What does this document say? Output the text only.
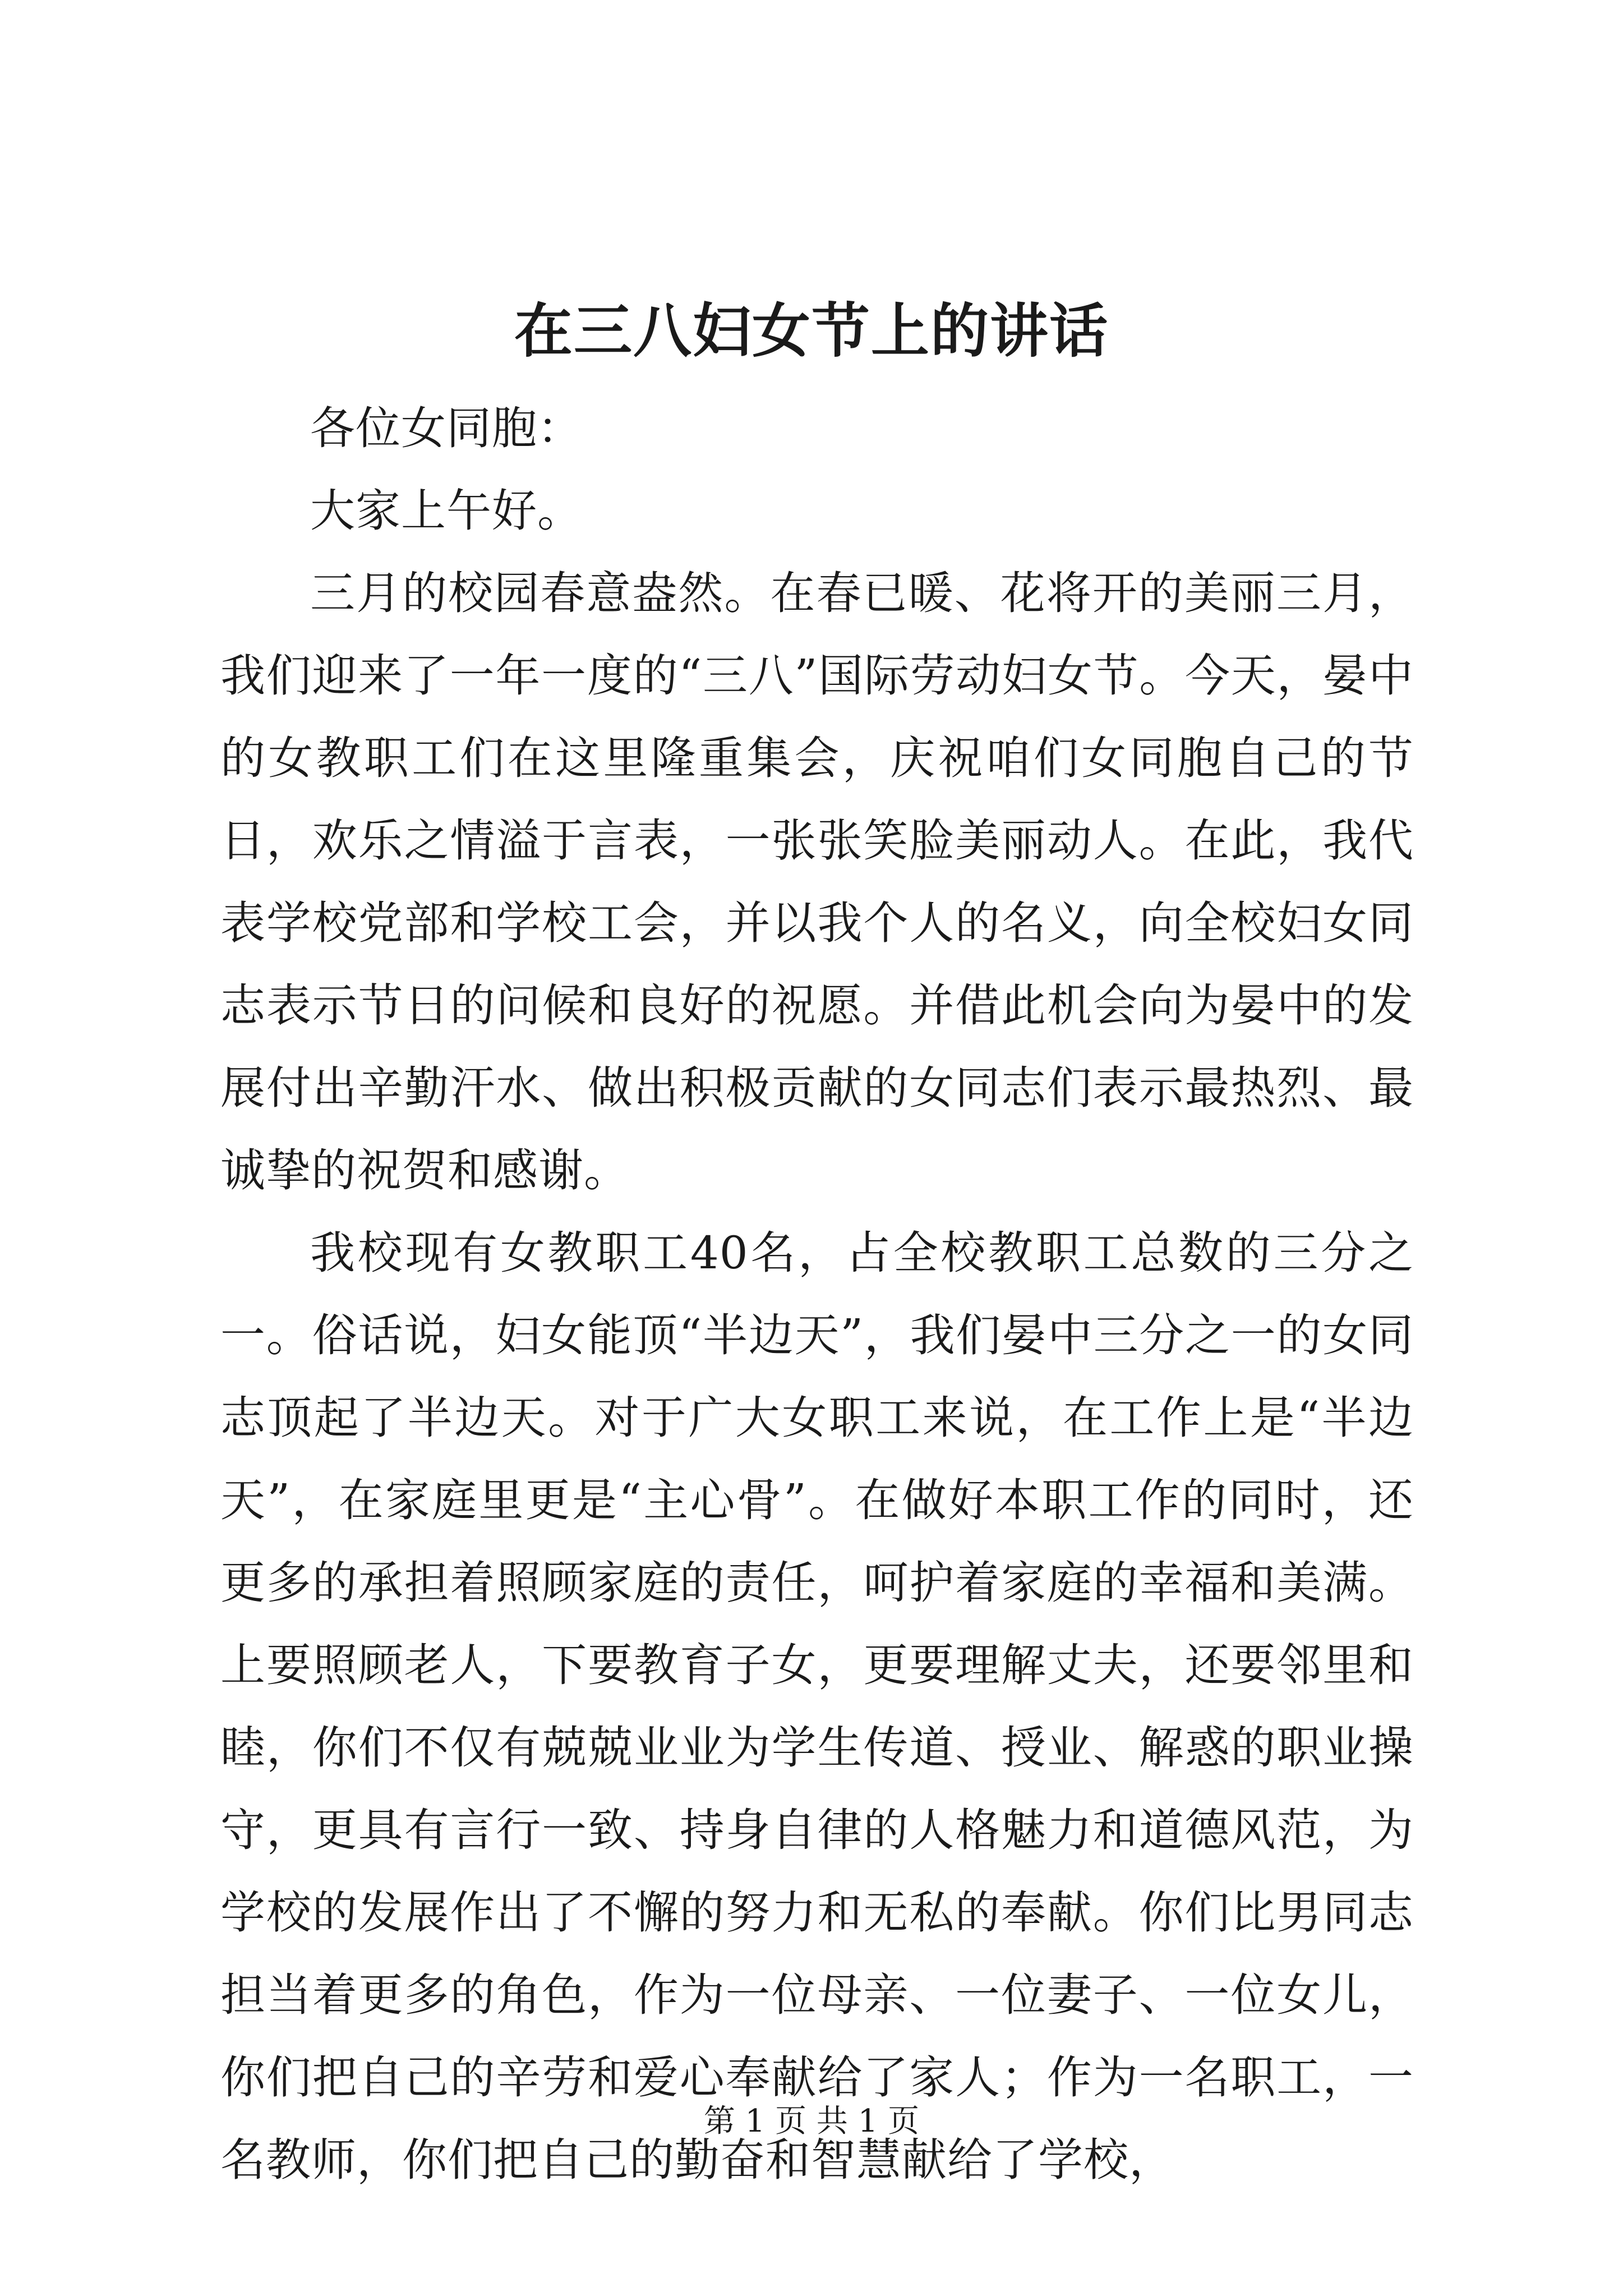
在三八妇女节上的讲话

各位女同胞：

大家上午好。

三月的校园春意盎然。在春已暖、花将开的美丽三月，我们迎来了一年一度的“三八”国际劳动妇女节。今天，晏中的女教职工们在这里隆重集会，庆祝咱们女同胞自己的节日，欢乐之情溢于言表，一张张笑脸美丽动人。在此，我代表学校党部和学校工会，并以我个人的名义，向全校妇女同志表示节日的问候和良好的祝愿。并借此机会向为晏中的发展付出辛勤汗水、做出积极贡献的女同志们表示最热烈、最诚挚的祝贺和感谢。

我校现有女教职工40名，占全校教职工总数的三分之一。俗话说，妇女能顶“半边天”，我们晏中三分之一的女同志顶起了半边天。对于广大女职工来说，在工作上是“半边天”，在家庭里更是“主心骨”。在做好本职工作的同时，还更多的承担着照顾家庭的责任，呵护着家庭的幸福和美满。上要照顾老人，下要教育子女，更要理解丈夫，还要邻里和睦，你们不仅有兢兢业业为学生传道、授业、解惑的职业操守，更具有言行一致、持身自律的人格魅力和道德风范，为学校的发展作出了不懈的努力和无私的奉献。你们比男同志担当着更多的角色，作为一位母亲、一位妻子、一位女儿，你们把自己的辛劳和爱心奉献给了家人；作为一名职工，一名教师，你们把自己的勤奋和智慧献给了学校，

第 1 页 共 1 页
